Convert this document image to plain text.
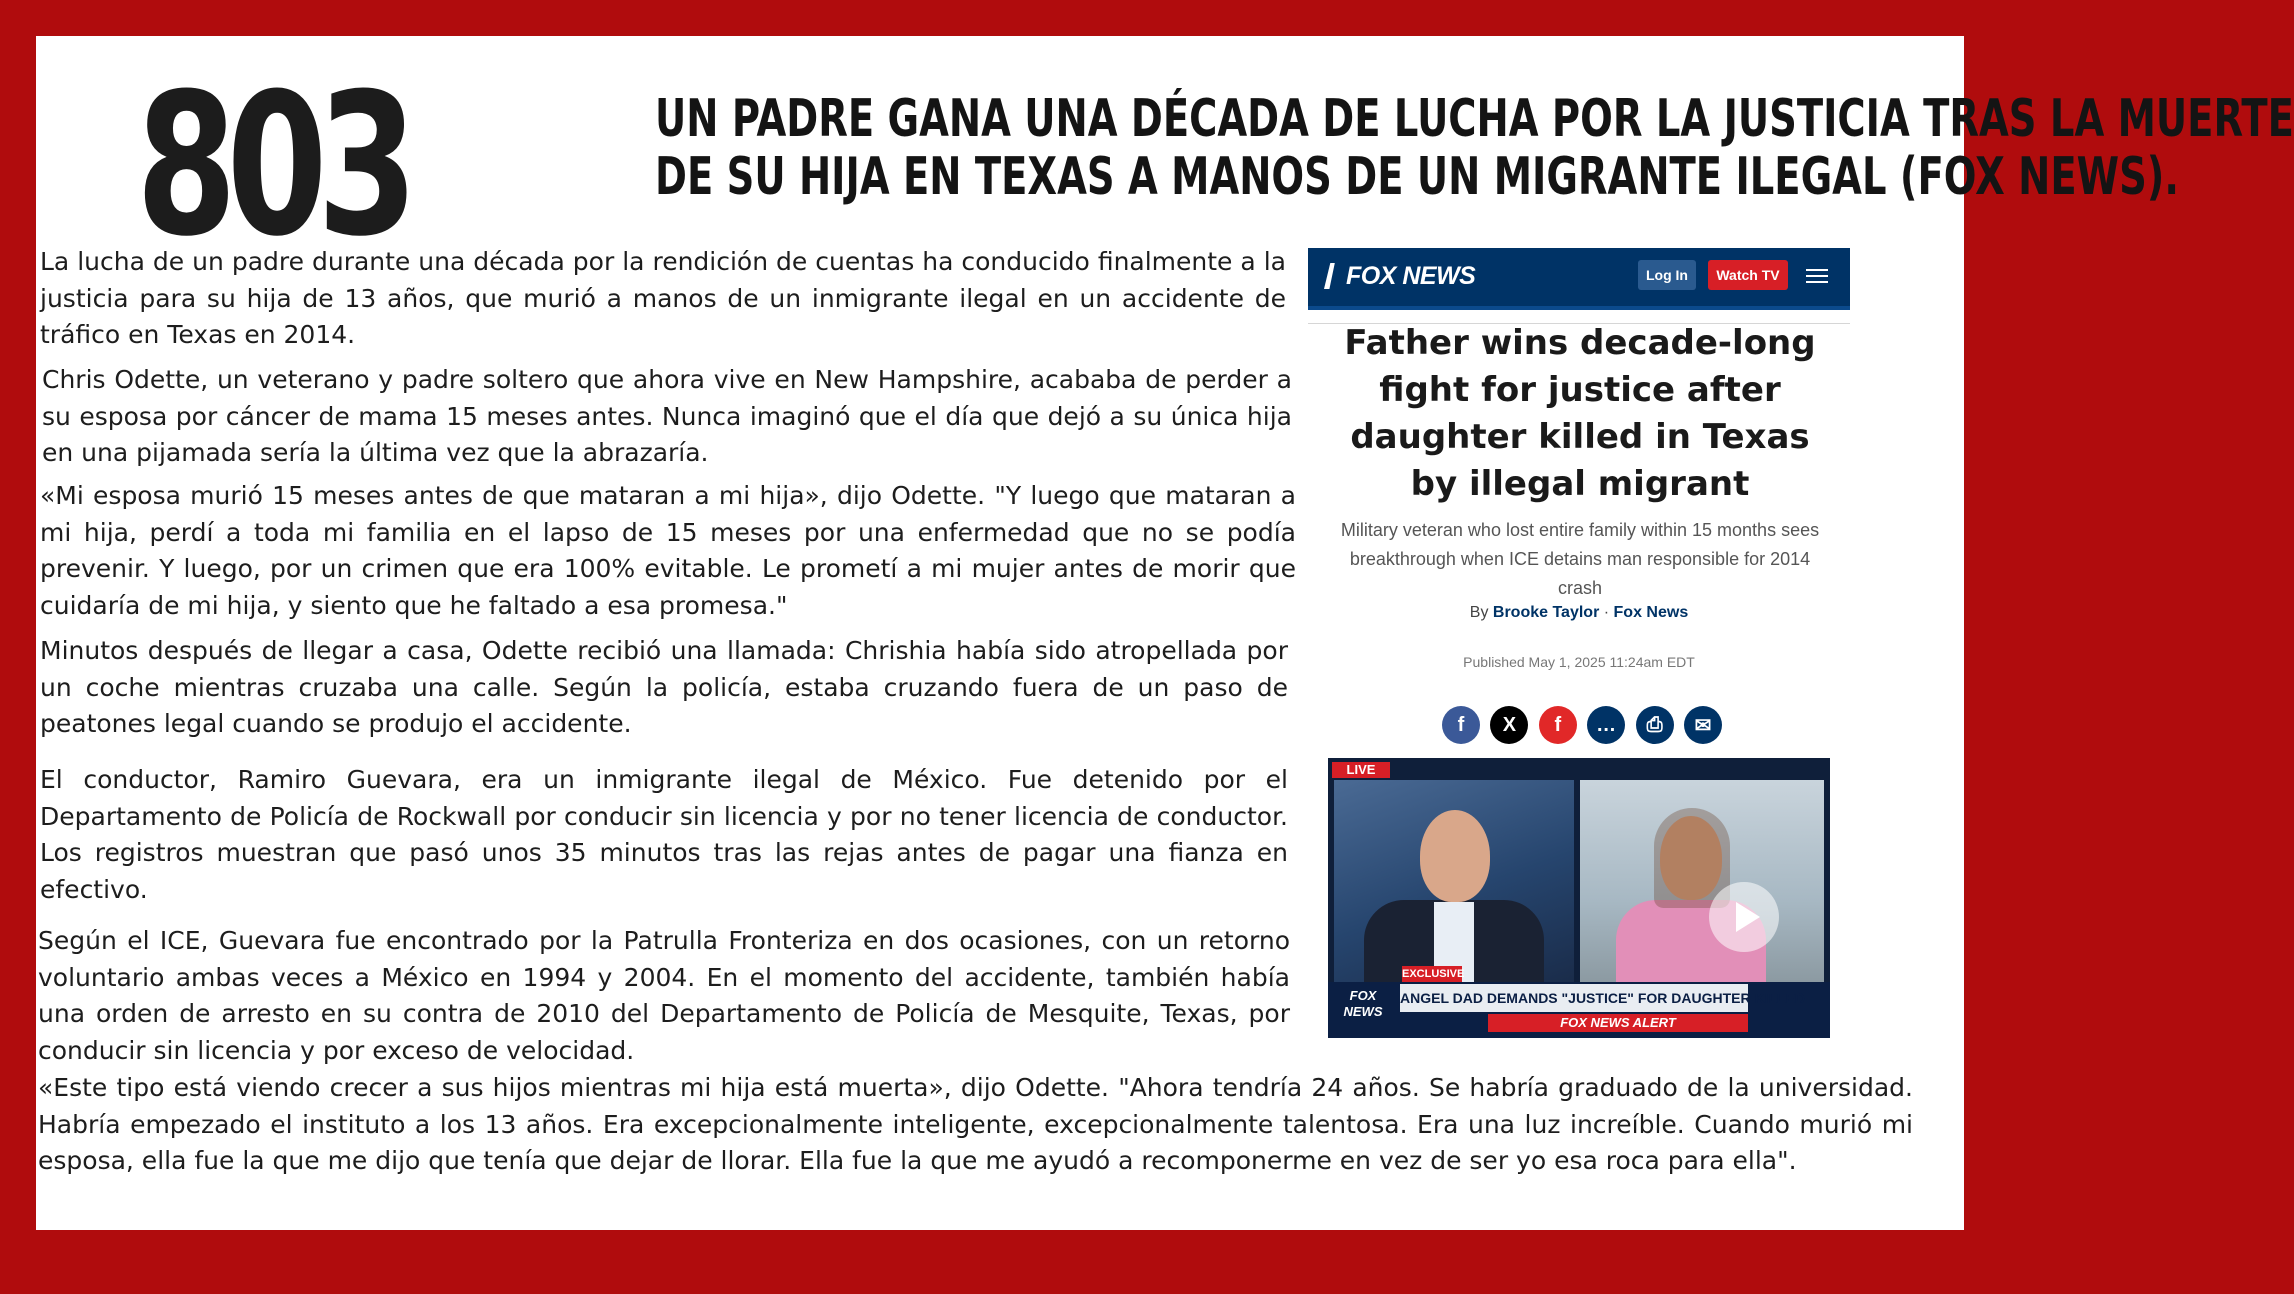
803	UN PADRE GANA UNA DÉCADA DE LUCHA POR LA JUSTICIA TRAS LA MUERTE
DE SU HIJA EN TEXAS A MANOS DE UN MIGRANTE ILEGAL (FOX NEWS).

La lucha de un padre durante una década por la rendición de cuentas ha conducido finalmente a la justicia para su hija de 13 años, que murió a manos de un inmigrante ilegal en un accidente de tráfico en Texas en 2014.

Chris Odette, un veterano y padre soltero que ahora vive en New Hampshire, acababa de perder a su esposa por cáncer de mama 15 meses antes. Nunca imaginó que el día que dejó a su única hija en una pijamada sería la última vez que la abrazaría.

«Mi esposa murió 15 meses antes de que mataran a mi hija», dijo Odette. "Y luego que mataran a mi hija, perdí a toda mi familia en el lapso de 15 meses por una enfermedad que no se podía prevenir. Y luego, por un crimen que era 100% evitable. Le prometí a mi mujer antes de morir que cuidaría de mi hija, y siento que he faltado a esa promesa."

Minutos después de llegar a casa, Odette recibió una llamada: Chrishia había sido atropellada por un coche mientras cruzaba una calle. Según la policía, estaba cruzando fuera de un paso de peatones legal cuando se produjo el accidente.

El conductor, Ramiro Guevara, era un inmigrante ilegal de México. Fue detenido por el Departamento de Policía de Rockwall por conducir sin licencia y por no tener licencia de conductor. Los registros muestran que pasó unos 35 minutos tras las rejas antes de pagar una fianza en efectivo.

Según el ICE, Guevara fue encontrado por la Patrulla Fronteriza en dos ocasiones, con un retorno voluntario ambas veces a México en 1994 y 2004. En el momento del accidente, también había una orden de arresto en su contra de 2010 del Departamento de Policía de Mesquite, Texas, por conducir sin licencia y por exceso de velocidad.

«Este tipo está viendo crecer a sus hijos mientras mi hija está muerta», dijo Odette. "Ahora tendría 24 años. Se habría graduado de la universidad. Habría empezado el instituto a los 13 años. Era excepcionalmente inteligente, excepcionalmente talentosa. Era una luz increíble. Cuando murió mi esposa, ella fue la que me dijo que tenía que dejar de llorar. Ella fue la que me ayudó a recomponerme en vez de ser yo esa roca para ella".

FOX NEWS	Log In	Watch TV

Father wins decade-long fight for justice after daughter killed in Texas by illegal migrant

Military veteran who lost entire family within 15 months sees breakthrough when ICE detains man responsible for 2014 crash

By Brooke Taylor · Fox News
Published May 1, 2025 11:24am EDT
f	X	f	…	⎙	✉
LIVE
EXCLUSIVE
FOX NEWS
ANGEL DAD DEMANDS "JUSTICE" FOR DAUGHTER KILLED
FOX NEWS ALERT
